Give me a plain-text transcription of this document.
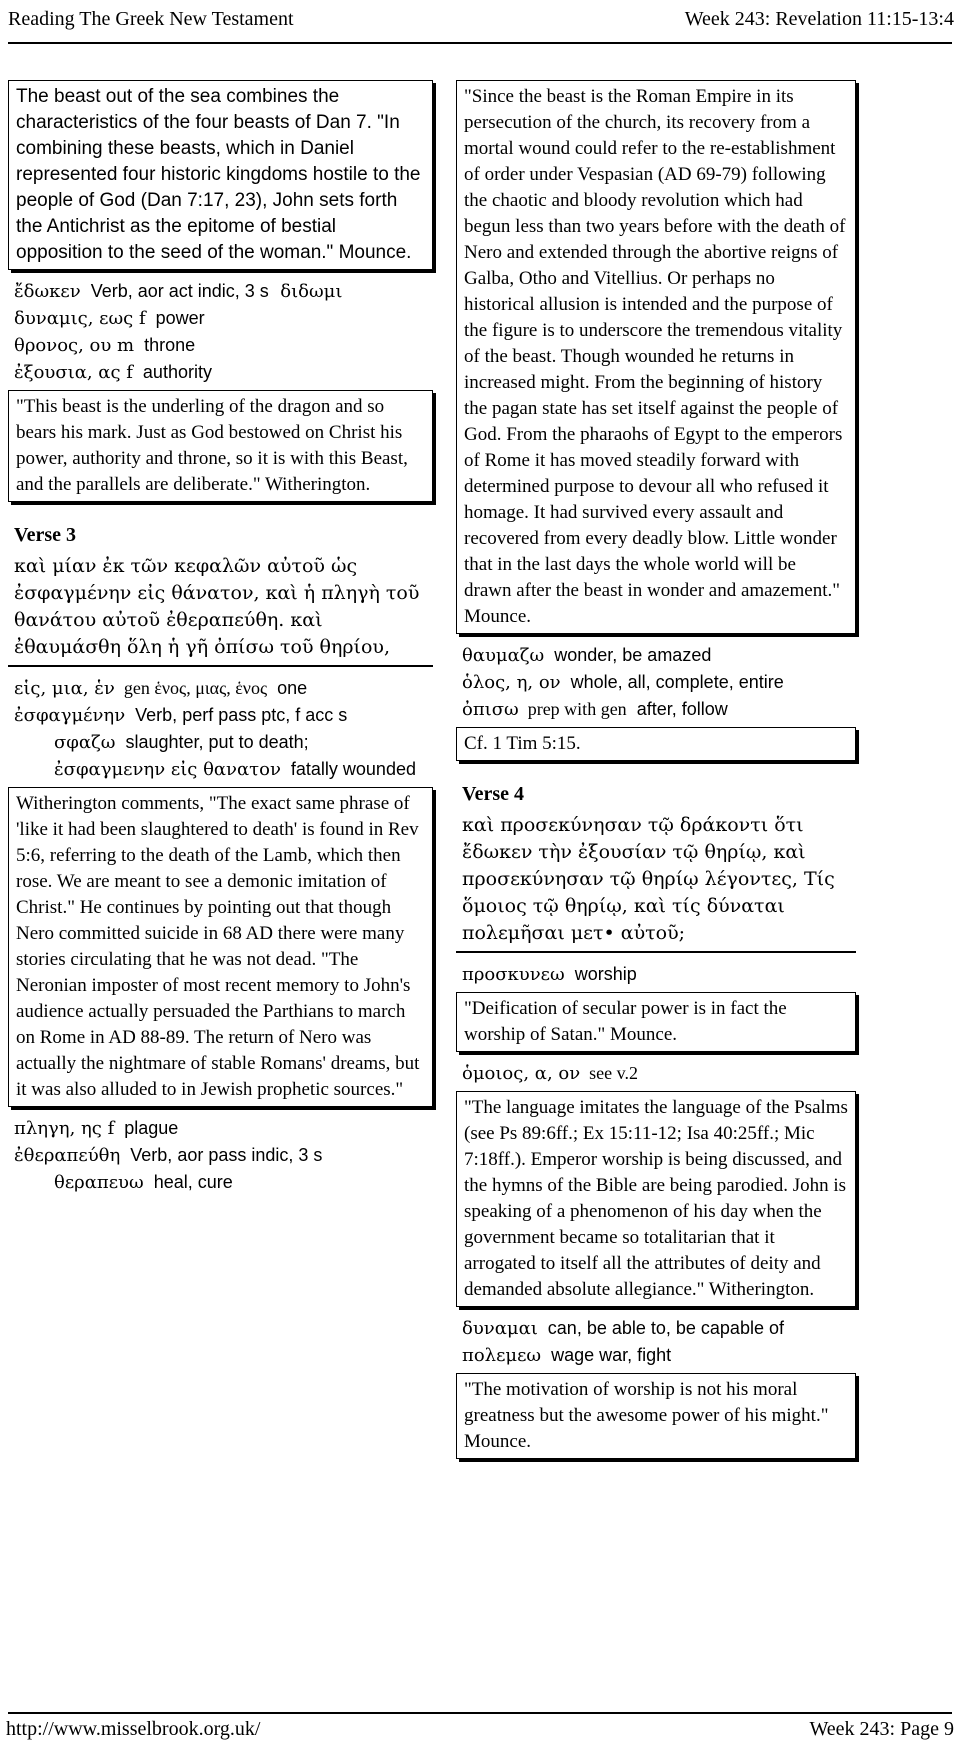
Reading The Greek New Testament	Week 243: Revelation 11:15-13:4
The beast out of the sea combines the characteristics of the four beasts of Dan 7. "In combining these beasts, which in Daniel represented four historic kingdoms hostile to the people of God (Dan 7:17, 23), John sets forth the Antichrist as the epitome of bestial opposition to the seed of the woman." Mounce.
ἔδωκεν  Verb, aor act indic, 3 s  διδωμι
δυναμις, εως f  power
θρονος, ου m  throne
ἐξουσια, ας f  authority
"This beast is the underling of the dragon and so bears his mark. Just as God bestowed on Christ his power, authority and throne, so it is with this Beast, and the parallels are deliberate." Witherington.
Verse 3
καὶ μίαν ἐκ τῶν κεφαλῶν αὐτοῦ ὡς ἐσφαγμένην εἰς θάνατον, καὶ ἡ πληγὴ τοῦ θανάτου αὐτοῦ ἐθεραπεύθη. καὶ ἐθαυμάσθη ὅλη ἡ γῆ ὀπίσω τοῦ θηρίου,
εἱς, μια, ἑν  gen ἑνος, μιας, ἑνος  one
ἐσφαγμένην  Verb, perf pass ptc, f acc s
σφαζω  slaughter, put to death;
ἐσφαγμενην εἰς θανατον  fatally wounded
Witherington comments, "The exact same phrase of 'like it had been slaughtered to death' is found in Rev 5:6, referring to the death of the Lamb, which then rose. We are meant to see a demonic imitation of Christ." He continues by pointing out that though Nero committed suicide in 68 AD there were many stories circulating that he was not dead. "The Neronian imposter of most recent memory to John's audience actually persuaded the Parthians to march on Rome in AD 88-89. The return of Nero was actually the nightmare of stable Romans' dreams, but it was also alluded to in Jewish prophetic sources."
πληγη, ης f  plague
ἐθεραπεύθη  Verb, aor pass indic, 3 s
θεραπευω  heal, cure
"Since the beast is the Roman Empire in its persecution of the church, its recovery from a mortal wound could refer to the re-establishment of order under Vespasian (AD 69-79) following the chaotic and bloody revolution which had begun less than two years before with the death of Nero and extended through the abortive reigns of Galba, Otho and Vitellius. Or perhaps no historical allusion is intended and the purpose of the figure is to underscore the tremendous vitality of the beast. Though wounded he returns in increased might. From the beginning of history the pagan state has set itself against the people of God. From the pharaohs of Egypt to the emperors of Rome it has moved steadily forward with determined purpose to devour all who refused it homage. It had survived every assault and recovered from every deadly blow. Little wonder that in the last days the whole world will be drawn after the beast in wonder and amazement." Mounce.
θαυμαζω  wonder, be amazed
ὁλος, η, ον  whole, all, complete, entire
ὀπισω  prep with gen  after, follow
Cf. 1 Tim 5:15.
Verse 4
καὶ προσεκύνησαν τῷ δράκοντι ὅτι ἔδωκεν τὴν ἐξουσίαν τῷ θηρίῳ, καὶ προσεκύνησαν τῷ θηρίῳ λέγοντες, Τίς ὅμοιος τῷ θηρίῳ, καὶ τίς δύναται πολεμῆσαι μετ• αὐτοῦ;
προσκυνεω  worship
"Deification of secular power is in fact the worship of Satan." Mounce.
ὁμοιος, α, ον  see v.2
"The language imitates the language of the Psalms (see Ps 89:6ff.; Ex 15:11-12; Isa 40:25ff.; Mic 7:18ff.). Emperor worship is being discussed, and the hymns of the Bible are being parodied. John is speaking of a phenomenon of his day when the government became so totalitarian that it arrogated to itself all the attributes of deity and demanded absolute allegiance." Witherington.
δυναμαι  can, be able to, be capable of
πολεμεω  wage war, fight
"The motivation of worship is not his moral greatness but the awesome power of his might." Mounce.
http://www.misselbrook.org.uk/	Week 243: Page 9
